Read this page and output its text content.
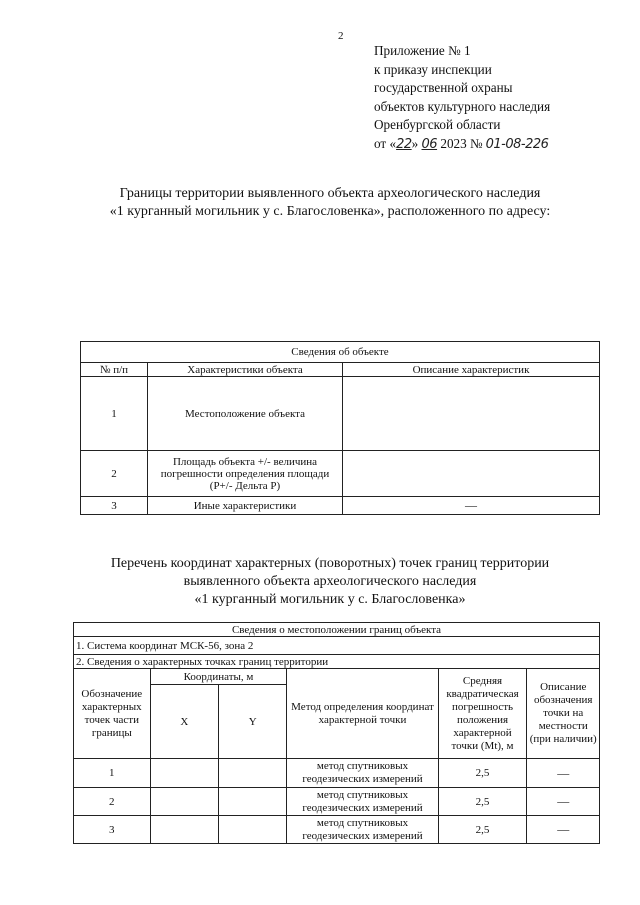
2
Приложение № 1
к приказу инспекции
государственной охраны
объектов культурного наследия
Оренбургской области
от «22» 06 2023 № 01-08-226
Границы территории выявленного объекта археологического наследия
«1 курганный могильник у с. Благословенка», расположенного по адресу:
Сведения об объекте		
№ п/п	Характеристики объекта	Описание характеристик
1	Местоположение объекта	
2	Площадь объекта +/- величина погрешности определения площади (P+/- Дельта P)	
3	Иные характеристики	—
Перечень координат характерных (поворотных) точек границ территории
выявленного объекта археологического наследия
«1 курганный могильник у с. Благословенка»
Сведения о местоположении границ объекта					
1. Система координат МСК-56, зона 2					
2. Сведения о характерных точках границ территории					
Обозначение характерных точек части границы	Координаты, м		Метод определения координат характерной точки	Средняя квадратическая погрешность положения характерной точки (Mt), м	Описание обозначения точки на местности (при наличии)
	X	Y			
1			метод спутниковых геодезических измерений	2,5	—
2			метод спутниковых геодезических измерений	2,5	—
3			метод спутниковых геодезических измерений	2,5	—
